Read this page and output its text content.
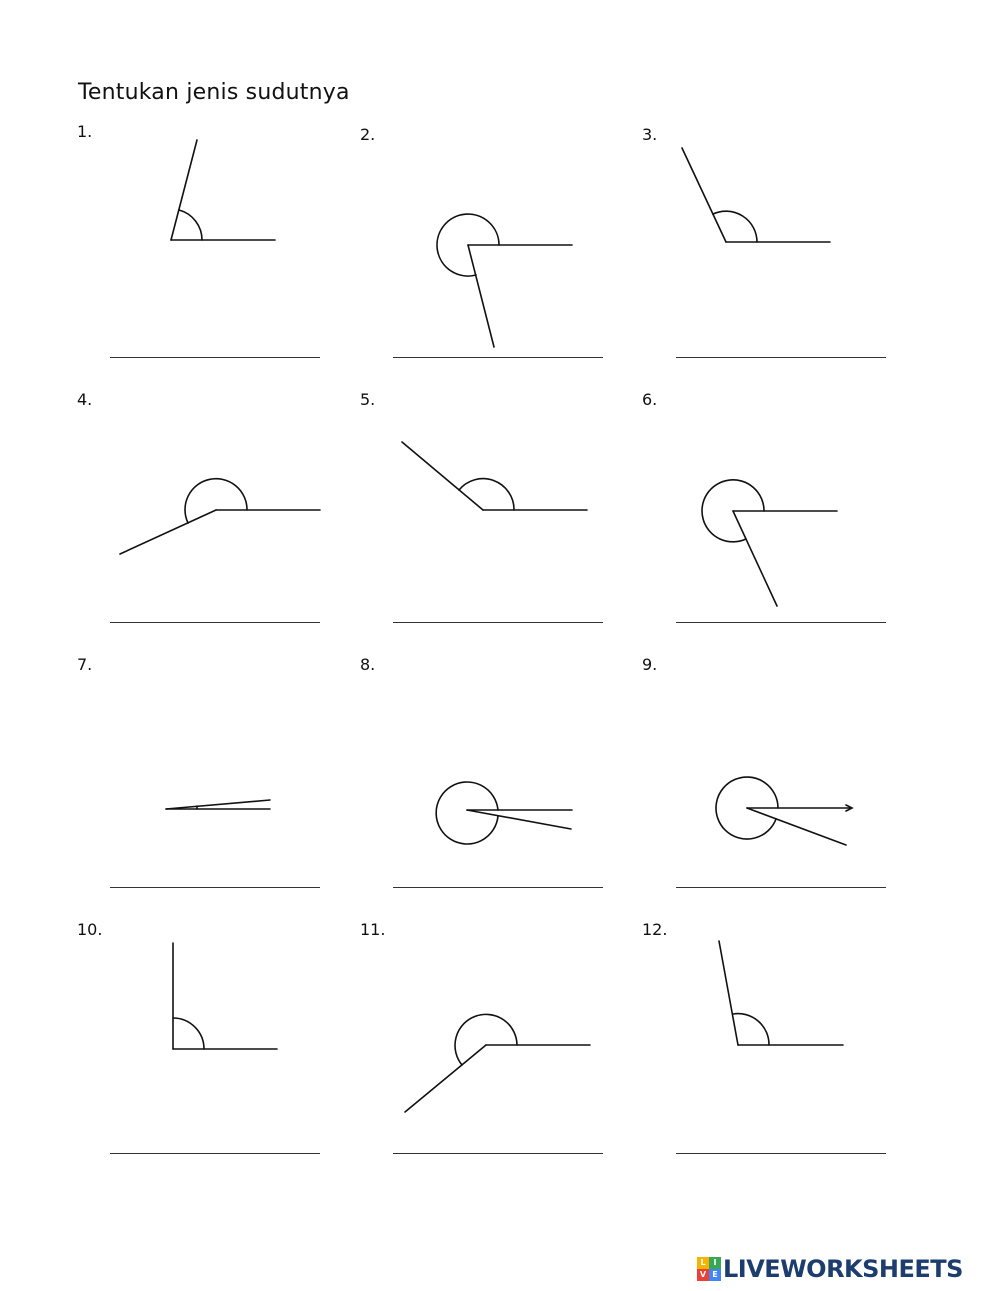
Tentukan jenis sudutnya
1.	2.	3.
4.	5.	6.
7.	8.	9.
10.	11.	12.
L I
V E LIVEWORKSHEETS
